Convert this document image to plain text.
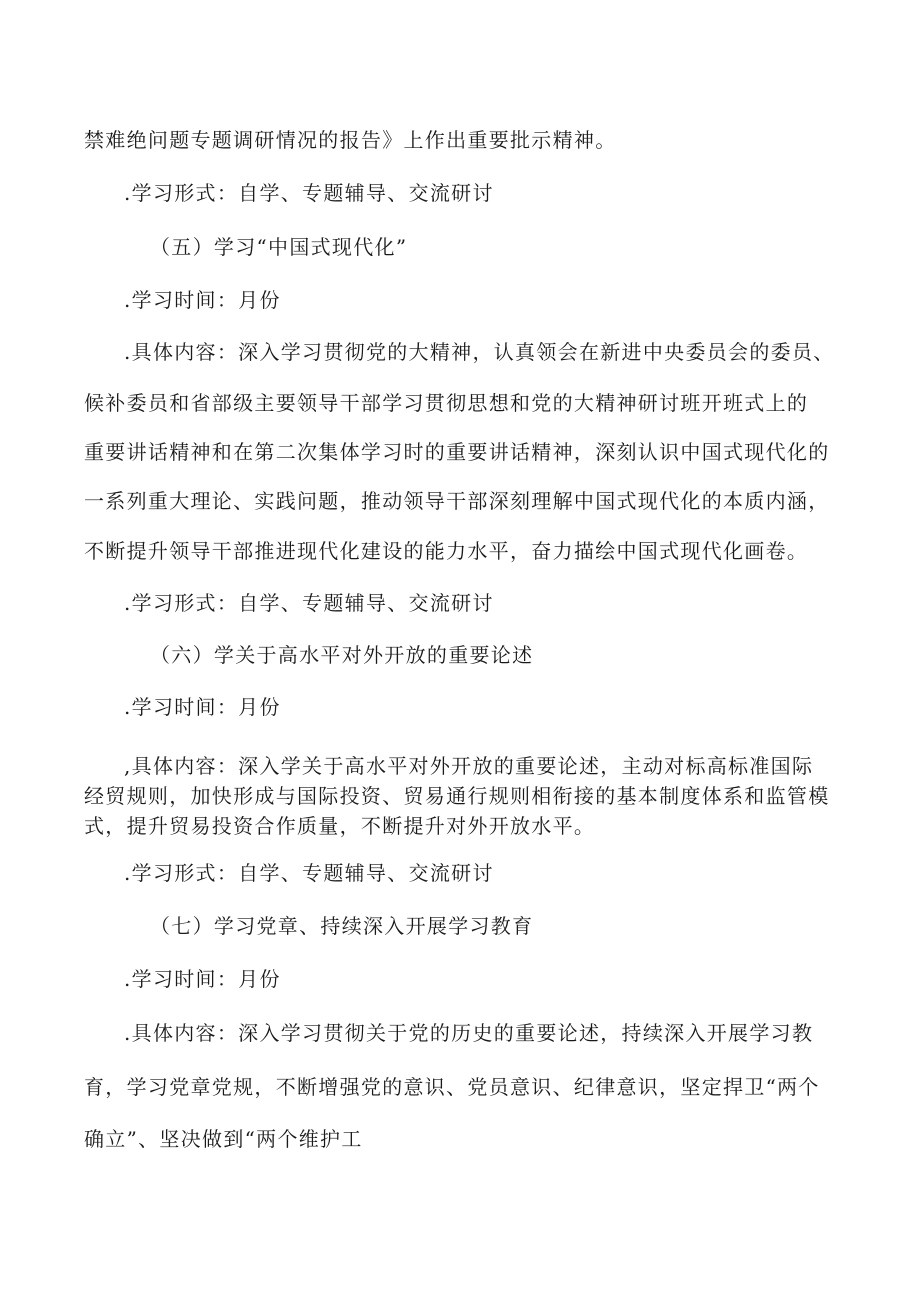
禁难绝问题专题调研情况的报告》上作出重要批示精神。
.学习形式：自学、专题辅导、交流研讨
（五）学习“中国式现代化”
.学习时间：月份
.具体内容：深入学习贯彻党的大精神，认真领会在新进中央委员会的委员、
候补委员和省部级主要领导干部学习贯彻思想和党的大精神研讨班开班式上的
重要讲话精神和在第二次集体学习时的重要讲话精神，深刻认识中国式现代化的
一系列重大理论、实践问题，推动领导干部深刻理解中国式现代化的本质内涵，
不断提升领导干部推进现代化建设的能力水平，奋力描绘中国式现代化画卷。
.学习形式：自学、专题辅导、交流研讨
（六）学关于高水平对外开放的重要论述
.学习时间：月份
,具体内容：深入学关于高水平对外开放的重要论述，主动对标高标准国际
经贸规则，加快形成与国际投资、贸易通行规则相衔接的基本制度体系和监管模
式，提升贸易投资合作质量，不断提升对外开放水平。
.学习形式：自学、专题辅导、交流研讨
（七）学习党章、持续深入开展学习教育
.学习时间：月份
.具体内容：深入学习贯彻关于党的历史的重要论述，持续深入开展学习教
育，学习党章党规，不断增强党的意识、党员意识、纪律意识，坚定捍卫“两个
确立”、坚决做到“两个维护工
